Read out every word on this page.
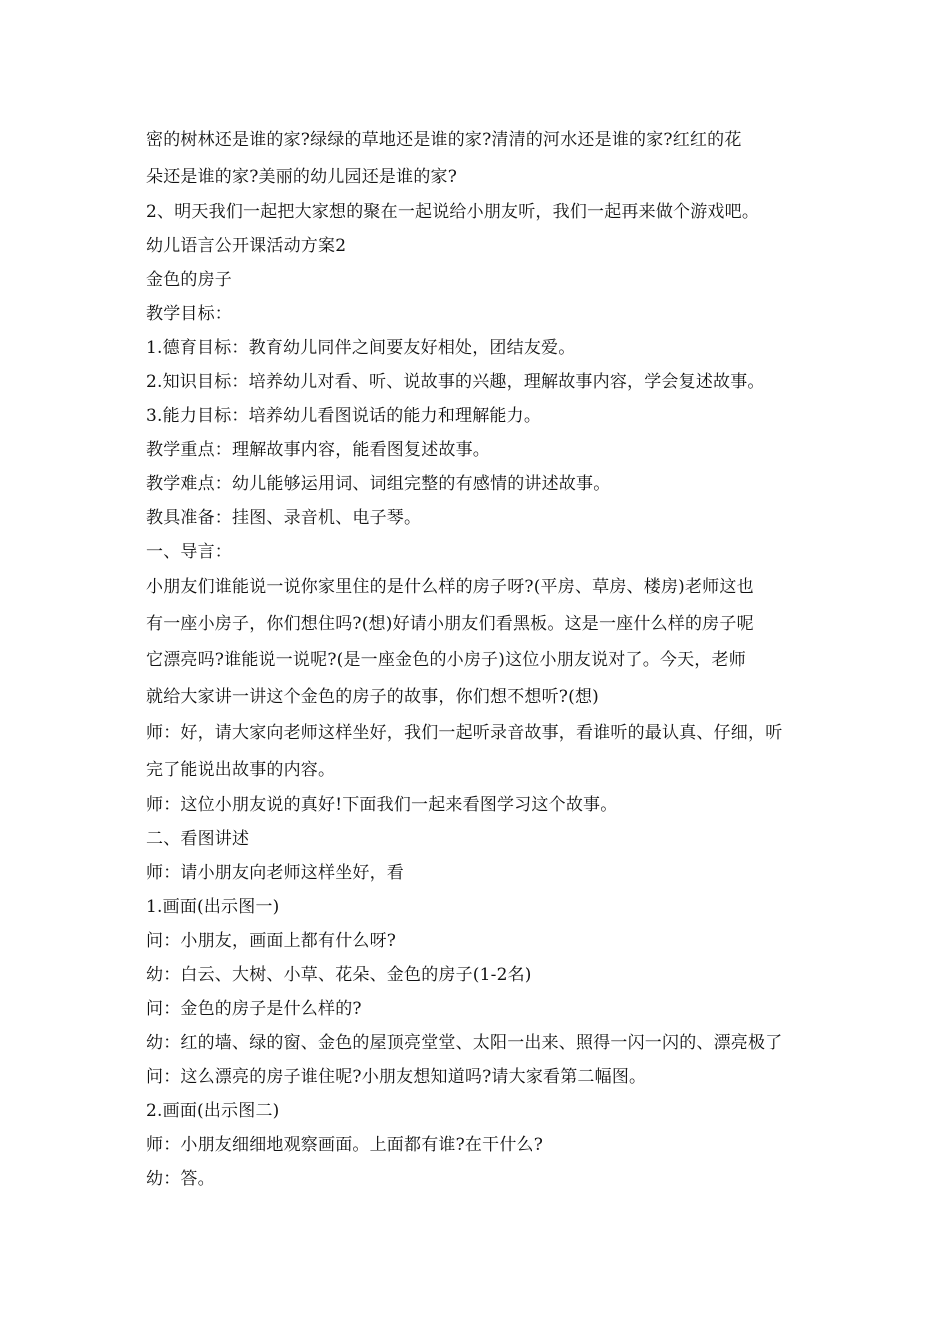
密的树林还是谁的家?绿绿的草地还是谁的家?清清的河水还是谁的家?红红的花
朵还是谁的家?美丽的幼儿园还是谁的家?
2、明天我们一起把大家想的聚在一起说给小朋友听，我们一起再来做个游戏吧。
幼儿语言公开课活动方案2
金色的房子
教学目标：
1.德育目标：教育幼儿同伴之间要友好相处，团结友爱。
2.知识目标：培养幼儿对看、听、说故事的兴趣，理解故事内容，学会复述故事。
3.能力目标：培养幼儿看图说话的能力和理解能力。
教学重点：理解故事内容，能看图复述故事。
教学难点：幼儿能够运用词、词组完整的有感情的讲述故事。
教具准备：挂图、录音机、电子琴。
一、导言：
小朋友们谁能说一说你家里住的是什么样的房子呀?(平房、草房、楼房)老师这也
有一座小房子，你们想住吗?(想)好请小朋友们看黑板。这是一座什么样的房子呢
它漂亮吗?谁能说一说呢?(是一座金色的小房子)这位小朋友说对了。今天，老师
就给大家讲一讲这个金色的房子的故事，你们想不想听?(想)
师：好，请大家向老师这样坐好，我们一起听录音故事，看谁听的最认真、仔细，听
完了能说出故事的内容。
师：这位小朋友说的真好!下面我们一起来看图学习这个故事。
二、看图讲述
师：请小朋友向老师这样坐好，看
1.画面(出示图一)
问：小朋友，画面上都有什么呀?
幼：白云、大树、小草、花朵、金色的房子(1-2名)
问：金色的房子是什么样的?
幼：红的墙、绿的窗、金色的屋顶亮堂堂、太阳一出来、照得一闪一闪的、漂亮极了
问：这么漂亮的房子谁住呢?小朋友想知道吗?请大家看第二幅图。
2.画面(出示图二)
师：小朋友细细地观察画面。上面都有谁?在干什么?
幼：答。
